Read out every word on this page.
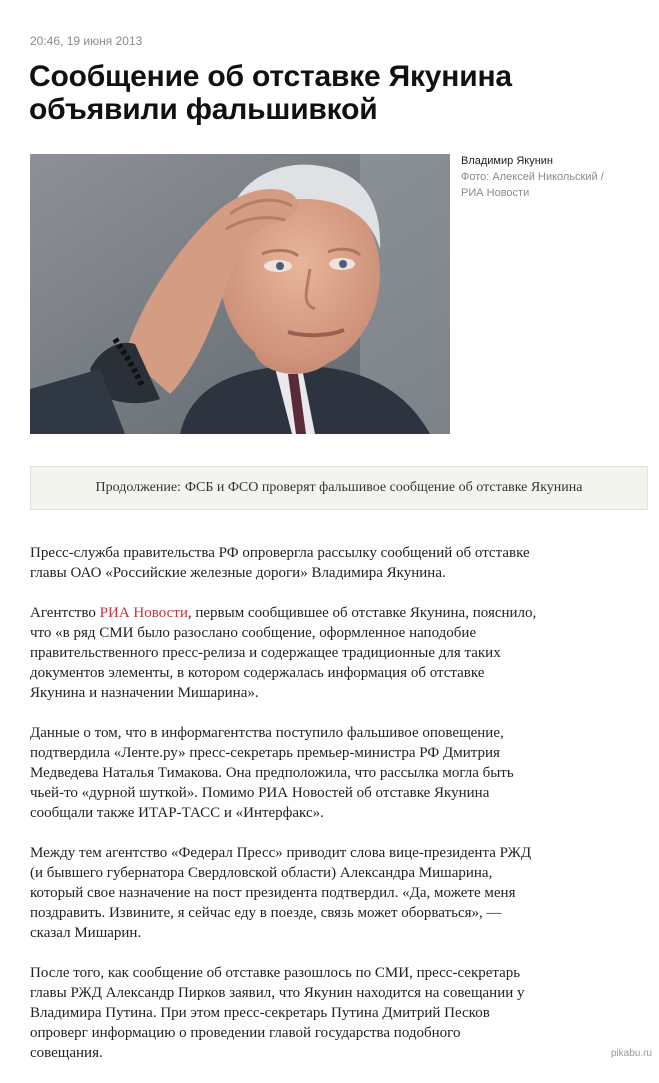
20:46, 19 июня 2013
Сообщение об отставке Якунина
объявили фальшивкой
Владимир Якунин
Фото: Алексей Никольский /
РИА Новости
Продолжение: ФСБ и ФСО проверят фальшивое сообщение об отставке Якунина

Пресс-служба правительства РФ опровергла рассылку сообщений об отставке
главы ОАО «Российские железные дороги» Владимира Якунина.

Агентство РИА Новости, первым сообщившее об отставке Якунина, пояснило,
что «в ряд СМИ было разослано сообщение, оформленное наподобие
правительственного пресс-релиза и содержащее традиционные для таких
документов элементы, в котором содержалась информация об отставке
Якунина и назначении Мишарина».

Данные о том, что в информагентства поступило фальшивое оповещение,
подтвердила «Ленте.ру» пресс-секретарь премьер-министра РФ Дмитрия
Медведева Наталья Тимакова. Она предположила, что рассылка могла быть
чьей-то «дурной шуткой». Помимо РИА Новостей об отставке Якунина
сообщали также ИТАР-ТАСС и «Интерфакс».

Между тем агентство «Федерал Пресс» приводит слова вице-президента РЖД
(и бывшего губернатора Свердловской области) Александра Мишарина,
который свое назначение на пост президента подтвердил. «Да, можете меня
поздравить. Извините, я сейчас еду в поезде, связь может оборваться», —
сказал Мишарин.

После того, как сообщение об отставке разошлось по СМИ, пресс-секретарь
главы РЖД Александр Пирков заявил, что Якунин находится на совещании у
Владимира Путина. При этом пресс-секретарь Путина Дмитрий Песков
опроверг информацию о проведении главой государства подобного
совещания.	pikabu.ru
